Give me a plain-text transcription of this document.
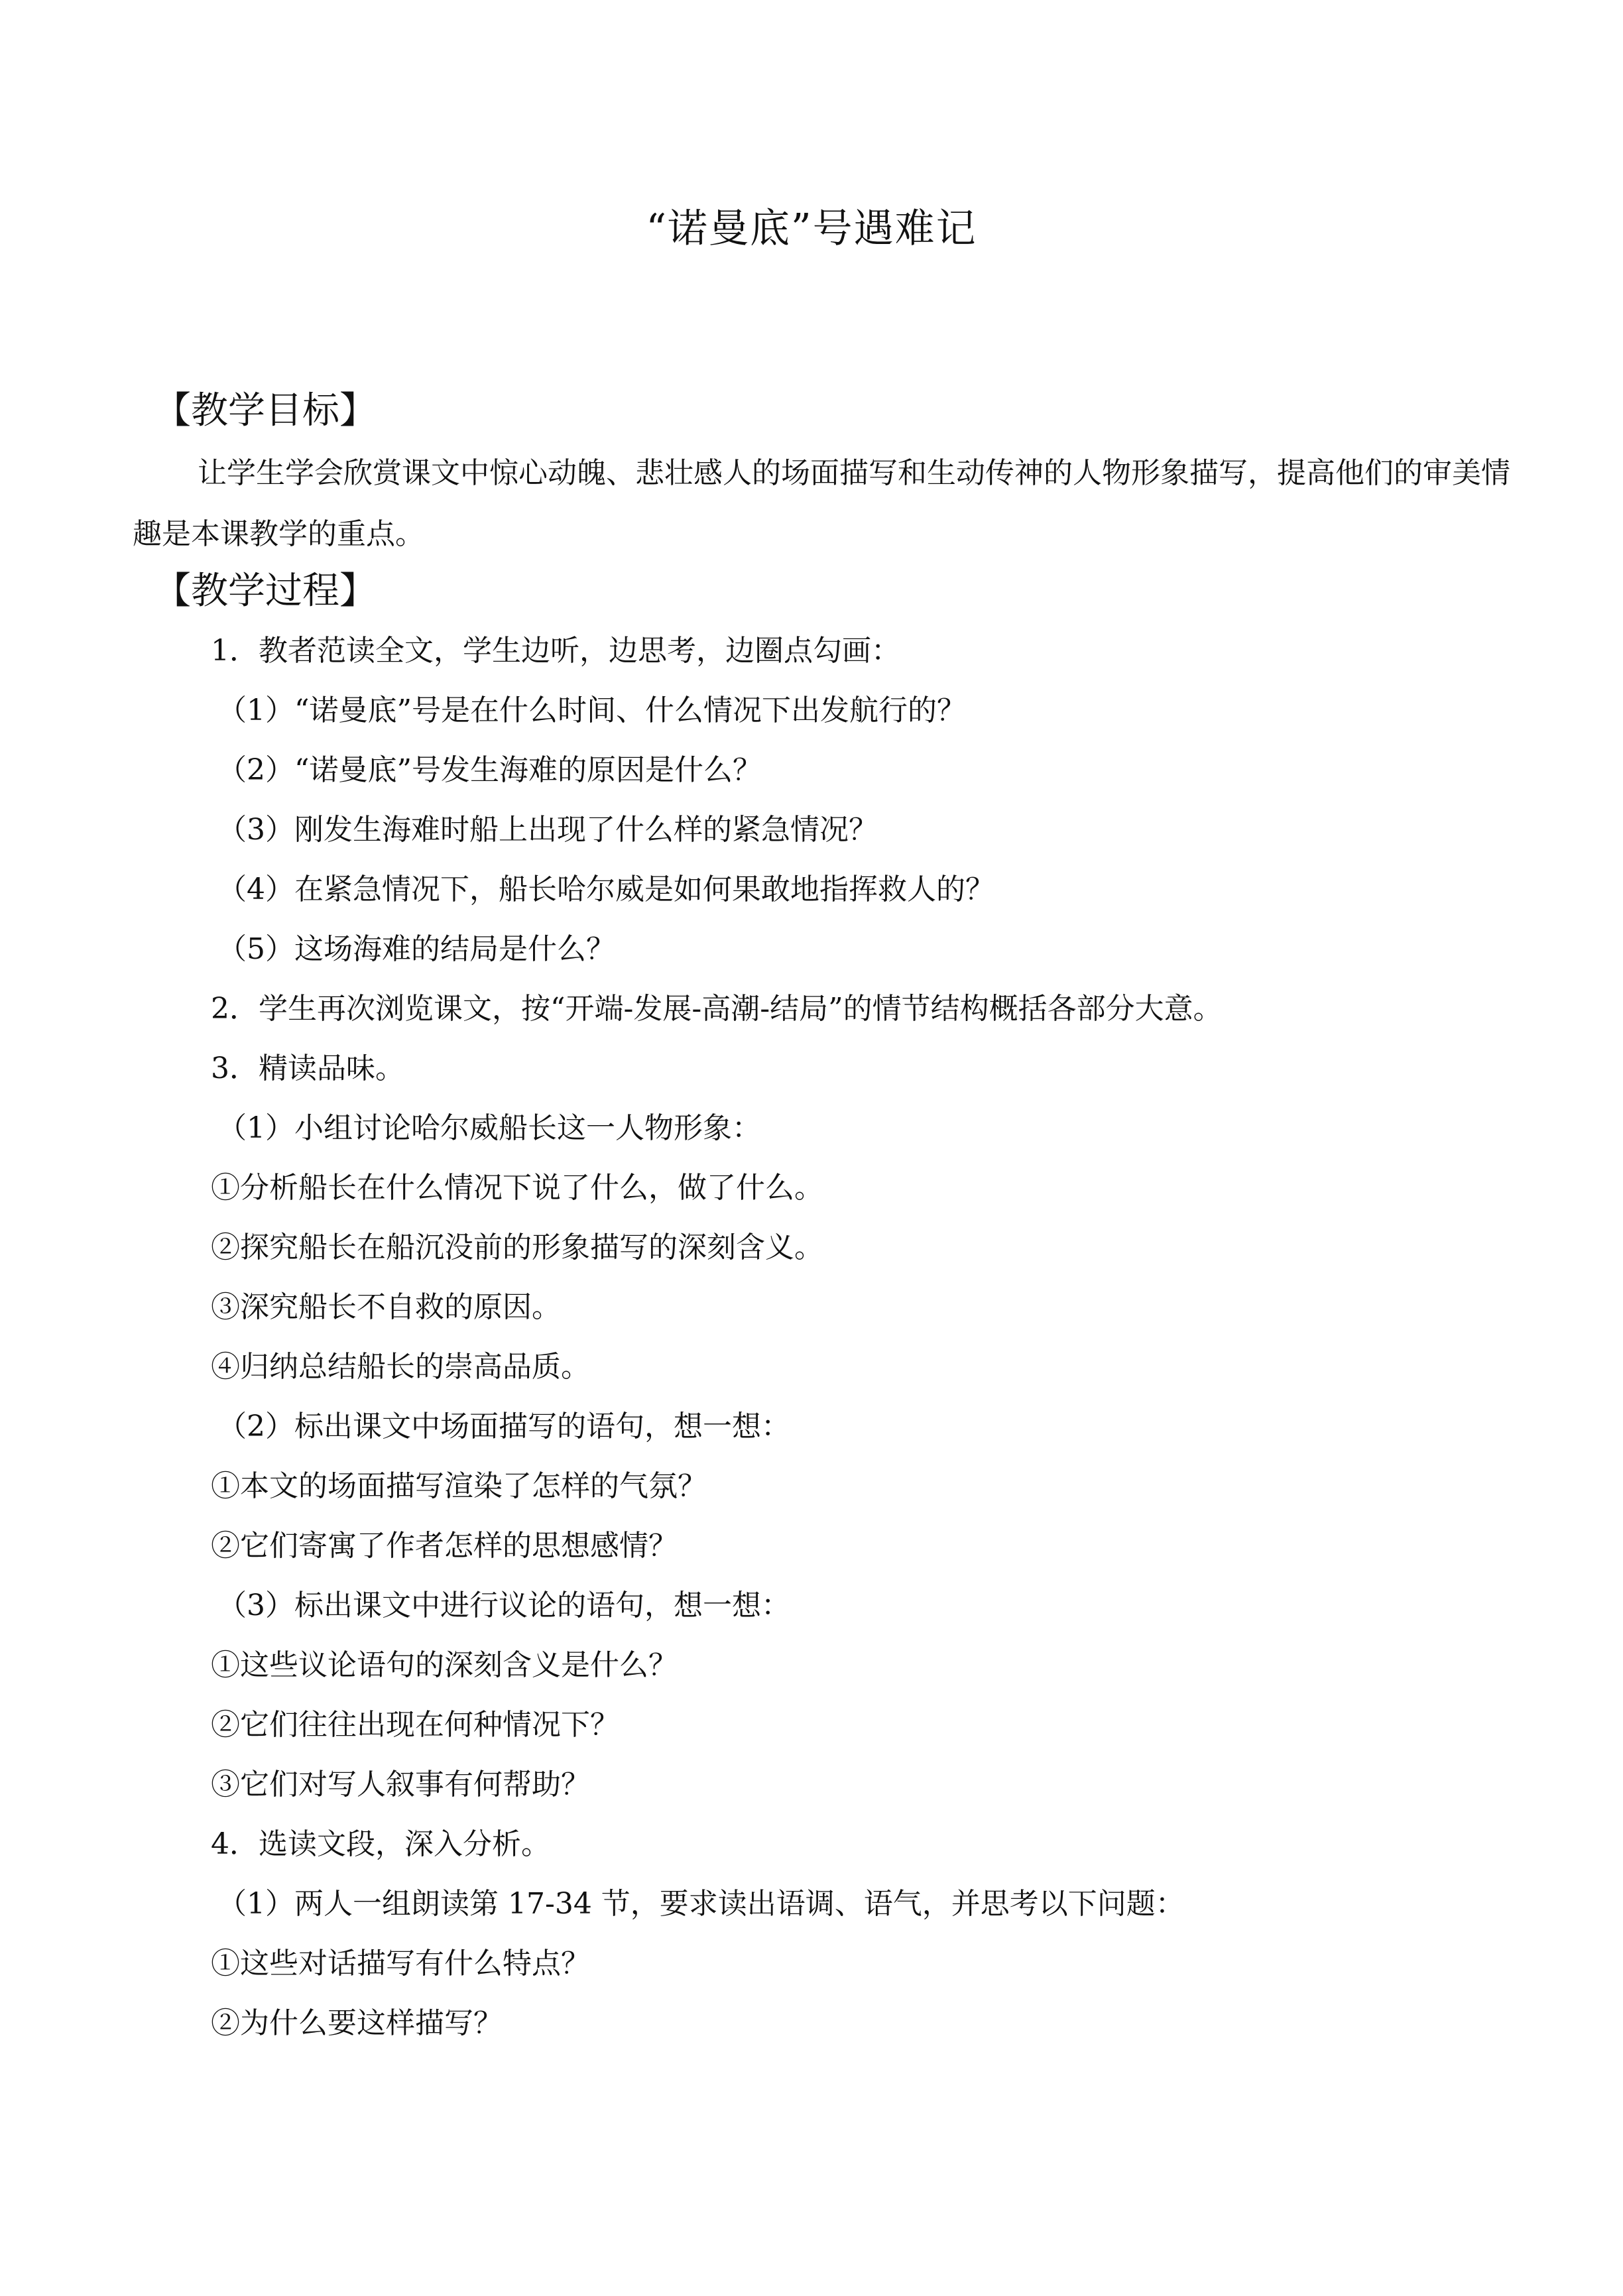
“诺曼底”号遇难记
【教学目标】
让学生学会欣赏课文中惊心动魄、悲壮感人的场面描写和生动传神的人物形象描写，提高他们的审美情趣是本课教学的重点。
【教学过程】
1．教者范读全文，学生边听，边思考，边圈点勾画：
（1）“诺曼底”号是在什么时间、什么情况下出发航行的？
（2）“诺曼底”号发生海难的原因是什么？
（3）刚发生海难时船上出现了什么样的紧急情况？
（4）在紧急情况下，船长哈尔威是如何果敢地指挥救人的？
（5）这场海难的结局是什么？
2．学生再次浏览课文，按“开端-发展-高潮-结局”的情节结构概括各部分大意。
3．精读品味。
（1）小组讨论哈尔威船长这一人物形象：
①分析船长在什么情况下说了什么，做了什么。
②探究船长在船沉没前的形象描写的深刻含义。
③深究船长不自救的原因。
④归纳总结船长的崇高品质。
（2）标出课文中场面描写的语句，想一想：
①本文的场面描写渲染了怎样的气氛？
②它们寄寓了作者怎样的思想感情？
（3）标出课文中进行议论的语句，想一想：
①这些议论语句的深刻含义是什么？
②它们往往出现在何种情况下？
③它们对写人叙事有何帮助？
4．选读文段，深入分析。
（1）两人一组朗读第 17-34 节，要求读出语调、语气，并思考以下问题：
①这些对话描写有什么特点？
②为什么要这样描写？
